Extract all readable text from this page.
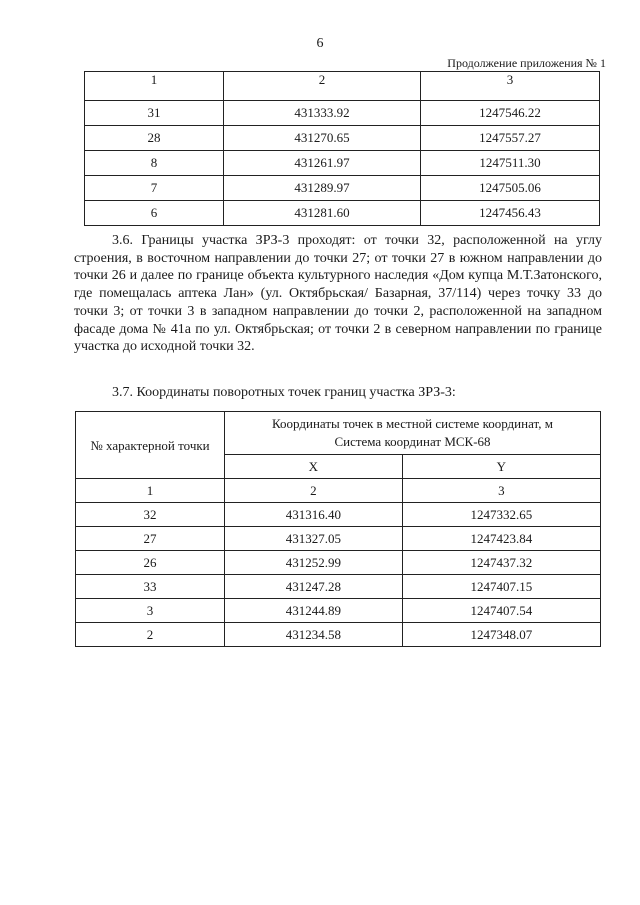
6
Продолжение приложения № 1
1	2	3
31	431333.92	1247546.22
28	431270.65	1247557.27
8	431261.97	1247511.30
7	431289.97	1247505.06
6	431281.60	1247456.43

3.6. Границы участка ЗРЗ-3 проходят: от точки 32, расположенной на углу строения, в восточном направлении до точки 27; от точки 27 в южном направлении до точки 26 и далее по границе объекта культурного наследия «Дом купца М.Т.Затонского, где помещалась аптека Лан» (ул. Октябрьская/ Базарная, 37/114) через точку 33 до точки 3; от точки 3 в западном направлении до точки 2, расположенной на западном фасаде дома № 41а по ул. Октябрьская; от точки 2 в северном направлении по границе участка до исходной точки 32.

3.7. Координаты поворотных точек границ участка ЗРЗ-3:

№ характерной точки	Координаты точек в местной системе координат, м
Система координат МСК-68	
	X	Y
1	2	3
32	431316.40	1247332.65
27	431327.05	1247423.84
26	431252.99	1247437.32
33	431247.28	1247407.15
3	431244.89	1247407.54
2	431234.58	1247348.07
